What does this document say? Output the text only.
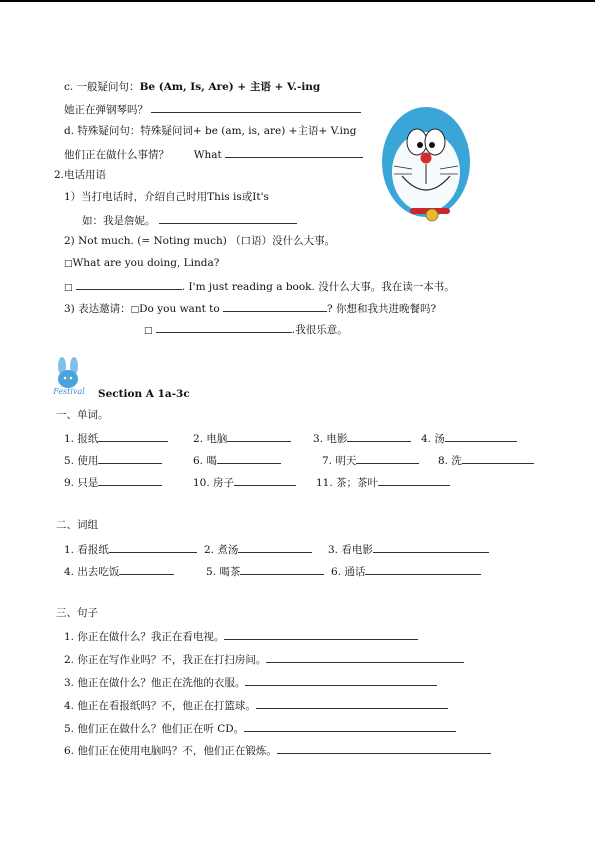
c. 一般疑问句：Be (Am, Is, Are) + 主语 + V.-ing
她正在弹钢琴吗？
d. 特殊疑问句：特殊疑问词+ be (am, is, are) +主语+ V.ing
他们正在做什么事情？ What
2.电话用语
1）当打电话时，介绍自己时用This is或It's
如：我是詹妮。
2) Not much. (= Noting much) （口语）没什么大事。
□What are you doing, Linda?
□	. I'm just reading a book. 没什么大事。我在读一本书。
3) 表达邀请：□Do you want to	? 你想和我共进晚餐吗?
□	.我很乐意。
Festival Section A 1a-3c
一、单词。
1. 报纸	2. 电脑	3. 电影	4. 汤
5. 使用	6. 喝	7. 明天	8. 洗
9. 只是	10. 房子	11. 茶；茶叶
二、词组
1. 看报纸	2. 煮汤	3. 看电影
4. 出去吃饭	5. 喝茶	6. 通话
三、句子
1. 你正在做什么？我正在看电视。
2. 你正在写作业吗？不，我正在打扫房间。
3. 他正在做什么？他正在洗他的衣服。
4. 他正在看报纸吗？不，他正在打篮球。
5. 他们正在做什么？他们正在听 CD。
6. 他们正在使用电脑吗？不，他们正在锻炼。
